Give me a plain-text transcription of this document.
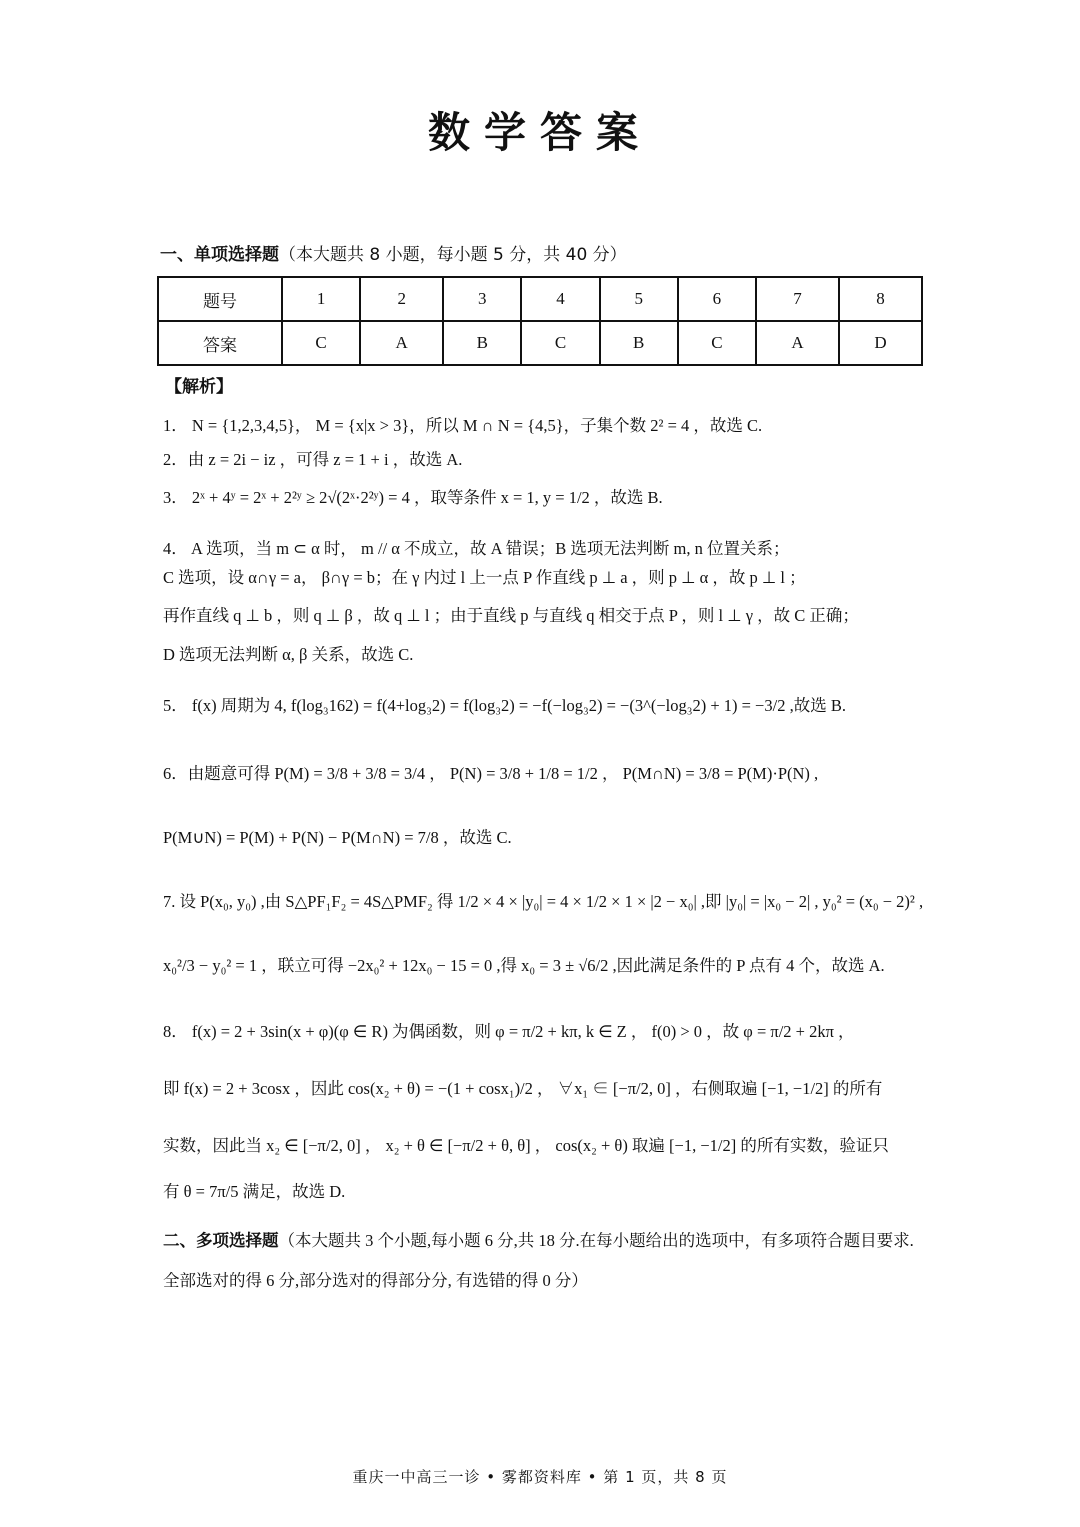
数学答案
一、单项选择题（本大题共 8 小题，每小题 5 分，共 40 分）
题号	1	2	3	4	5	6	7	8
答案	C	A	B	C	B	C	A	D
【解析】
1． N = {1,2,3,4,5}， M = {x|x > 3}，所以 M ∩ N = {4,5}，子集个数 2² = 4 ，故选 C.
2．由 z = 2i − iz ，可得 z = 1 + i ，故选 A.
3． 2ˣ + 4ʸ = 2ˣ + 2²ʸ ≥ 2√(2ˣ·2²ʸ) = 4 ，取等条件 x = 1, y = 1/2 ，故选 B.
4． A 选项，当 m ⊂ α 时， m // α 不成立，故 A 错误；B 选项无法判断 m, n 位置关系；
C 选项，设 α∩γ = a， β∩γ = b；在 γ 内过 l 上一点 P 作直线 p ⊥ a ，则 p ⊥ α ，故 p ⊥ l ；
再作直线 q ⊥ b ，则 q ⊥ β ，故 q ⊥ l ；由于直线 p 与直线 q 相交于点 P ，则 l ⊥ γ ，故 C 正确；
D 选项无法判断 α, β 关系，故选 C.
5． f(x) 周期为 4, f(log₃162) = f(4+log₃2) = f(log₃2) = −f(−log₃2) = −(3^(−log₃2) + 1) = −3/2 ,故选 B.
6．由题意可得 P(M) = 3/8 + 3/8 = 3/4 ， P(N) = 3/8 + 1/8 = 1/2 ， P(M∩N) = 3/8 = P(M)·P(N) ,
P(M∪N) = P(M) + P(N) − P(M∩N) = 7/8 ，故选 C.
7. 设 P(x₀, y₀) ,由 S△PF₁F₂ = 4S△PMF₂ 得 1/2 × 4 × |y₀| = 4 × 1/2 × 1 × |2 − x₀| ,即 |y₀| = |x₀ − 2| , y₀² = (x₀ − 2)² ,
x₀²/3 − y₀² = 1 ，联立可得 −2x₀² + 12x₀ − 15 = 0 ,得 x₀ = 3 ± √6/2 ,因此满足条件的 P 点有 4 个，故选 A.
8． f(x) = 2 + 3sin(x + φ)(φ ∈ R) 为偶函数，则 φ = π/2 + kπ, k ∈ Z ， f(0) > 0 ，故 φ = π/2 + 2kπ ，
即 f(x) = 2 + 3cosx ，因此 cos(x₂ + θ) = −(1 + cosx₁)/2 ， ∀x₁ ∈ [−π/2, 0] ，右侧取遍 [−1, −1/2] 的所有
实数，因此当 x₂ ∈ [−π/2, 0] ， x₂ + θ ∈ [−π/2 + θ, θ] ， cos(x₂ + θ) 取遍 [−1, −1/2] 的所有实数，验证只
有 θ = 7π/5 满足，故选 D.
二、多项选择题（本大题共 3 个小题,每小题 6 分,共 18 分.在每小题给出的选项中，有多项符合题目要求.全部选对的得 6 分,部分选对的得部分分, 有选错的得 0 分）
重庆一中高三一诊 • 雾都资料库 • 第 1 页，共 8 页
